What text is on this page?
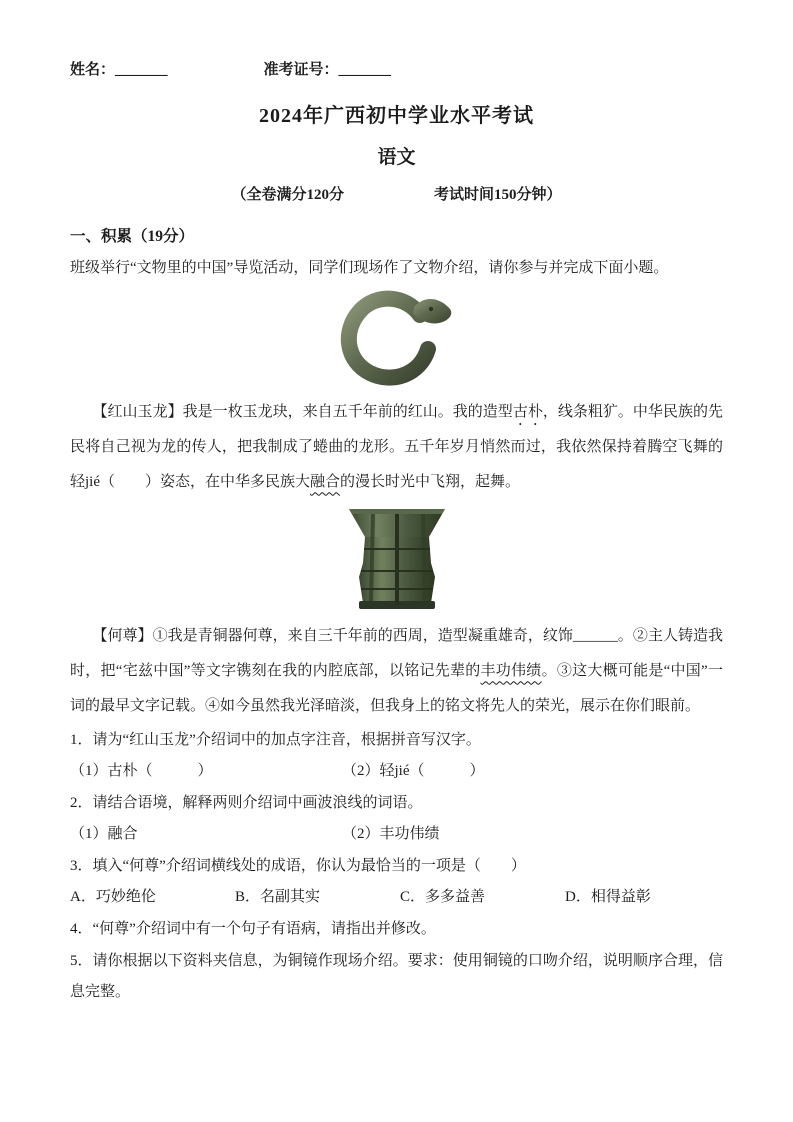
姓名：_______	准考证号：_______
2024年广西初中学业水平考试
语文
（全卷满分120分　　　　　　考试时间150分钟）
一、积累（19分）
班级举行“文物里的中国”导览活动，同学们现场作了文物介绍，请你参与并完成下面小题。
　　【红山玉龙】我是一枚玉龙玦，来自五千年前的红山。我的造型古朴，线条粗犷。中华民族的先民将自己视为龙的传人，把我制成了蜷曲的龙形。五千年岁月悄然而过，我依然保持着腾空飞舞的轻jié（　　）姿态，在中华多民族大融合的漫长时光中飞翔，起舞。
　　【何尊】①我是青铜器何尊，来自三千年前的西周，造型凝重雄奇，纹饰______。②主人铸造我时，把“宅兹中国”等文字镌刻在我的内腔底部，以铭记先辈的丰功伟绩。③这大概可能是“中国”一词的最早文字记载。④如今虽然我光泽暗淡，但我身上的铭文将先人的荣光，展示在你们眼前。
1．请为“红山玉龙”介绍词中的加点字注音，根据拼音写汉字。
（1）古朴（　　　）	（2）轻jié（　　　）
2．请结合语境，解释两则介绍词中画波浪线的词语。
（1）融合	（2）丰功伟绩
3．填入“何尊”介绍词横线处的成语，你认为最恰当的一项是（　　）
A．巧妙绝伦	B．名副其实	C．多多益善	D．相得益彰
4．“何尊”介绍词中有一个句子有语病，请指出并修改。
5．请你根据以下资料夹信息，为铜镜作现场介绍。要求：使用铜镜的口吻介绍，说明顺序合理，信息完整。
